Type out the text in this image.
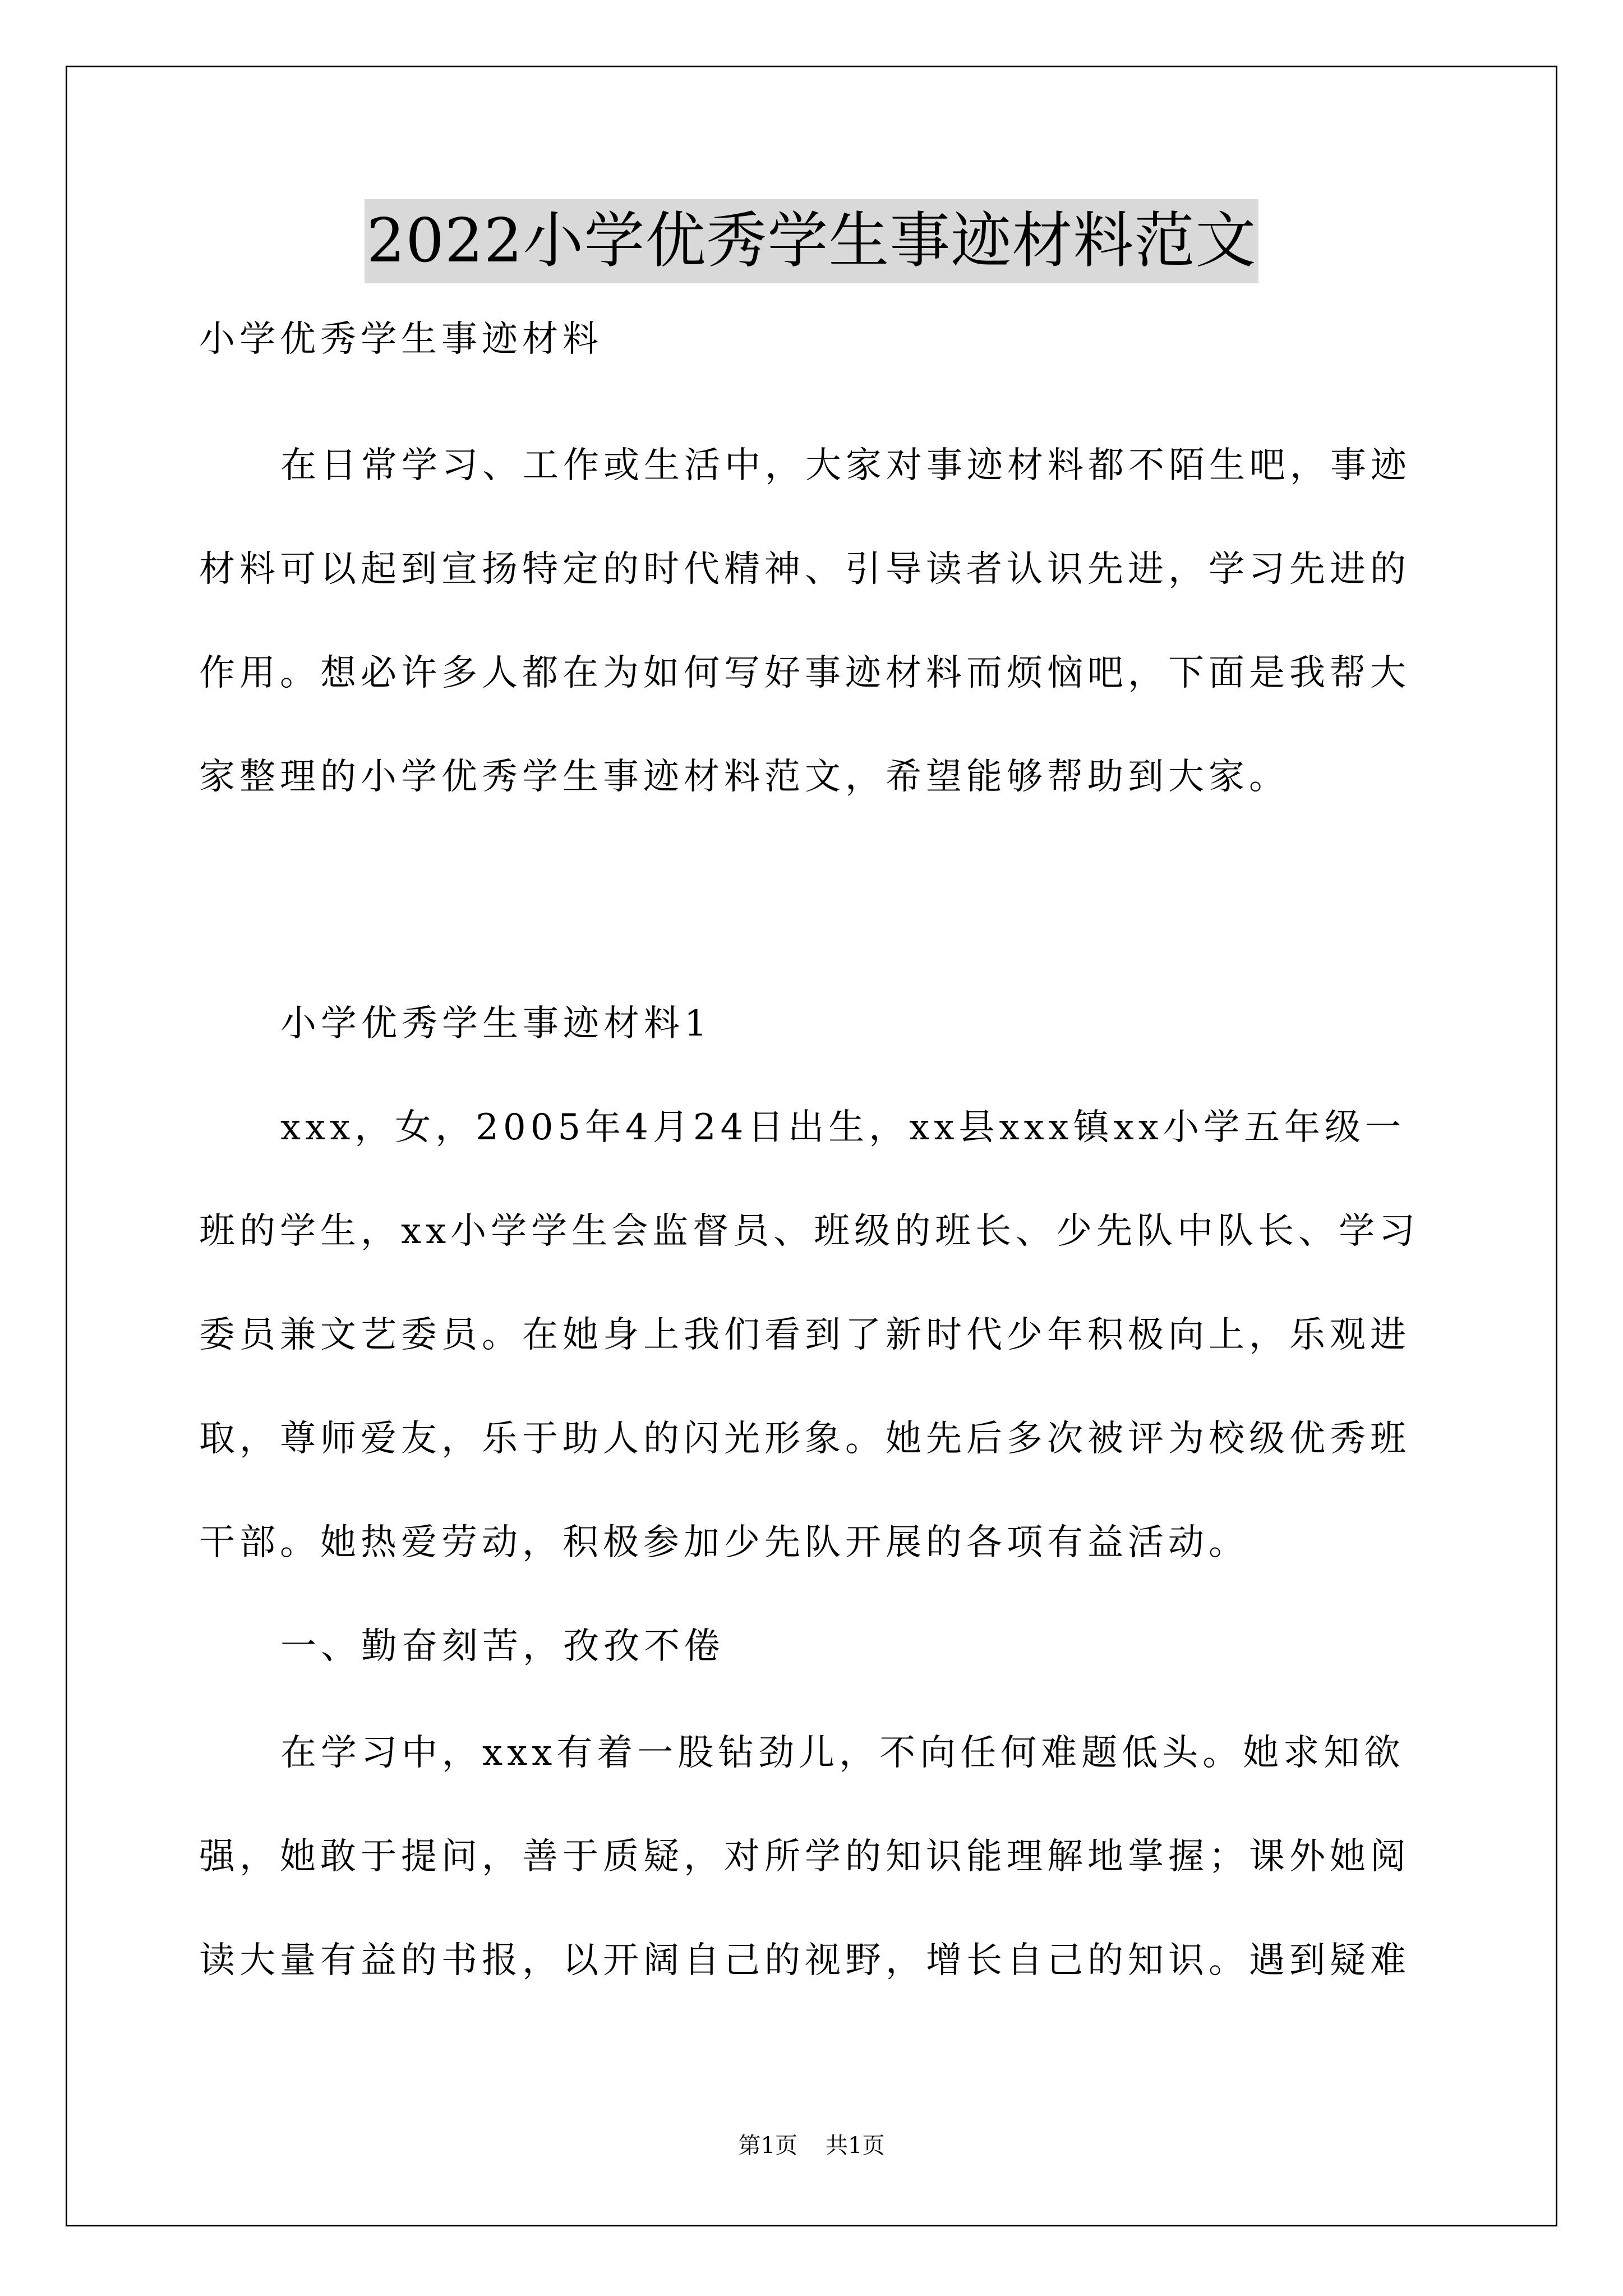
2022小学优秀学生事迹材料范文
小学优秀学生事迹材料
在日常学习、工作或生活中，大家对事迹材料都不陌生吧，事迹
材料可以起到宣扬特定的时代精神、引导读者认识先进，学习先进的
作用。想必许多人都在为如何写好事迹材料而烦恼吧，下面是我帮大
家整理的小学优秀学生事迹材料范文，希望能够帮助到大家。
小学优秀学生事迹材料1
xxx，女，2005年4月24日出生，xx县xxx镇xx小学五年级一
班的学生，xx小学学生会监督员、班级的班长、少先队中队长、学习
委员兼文艺委员。在她身上我们看到了新时代少年积极向上，乐观进
取，尊师爱友，乐于助人的闪光形象。她先后多次被评为校级优秀班
干部。她热爱劳动，积极参加少先队开展的各项有益活动。
一、勤奋刻苦，孜孜不倦
在学习中，xxx有着一股钻劲儿，不向任何难题低头。她求知欲
强，她敢于提问，善于质疑，对所学的知识能理解地掌握；课外她阅
读大量有益的书报，以开阔自己的视野，增长自己的知识。遇到疑难
第1页 共1页
